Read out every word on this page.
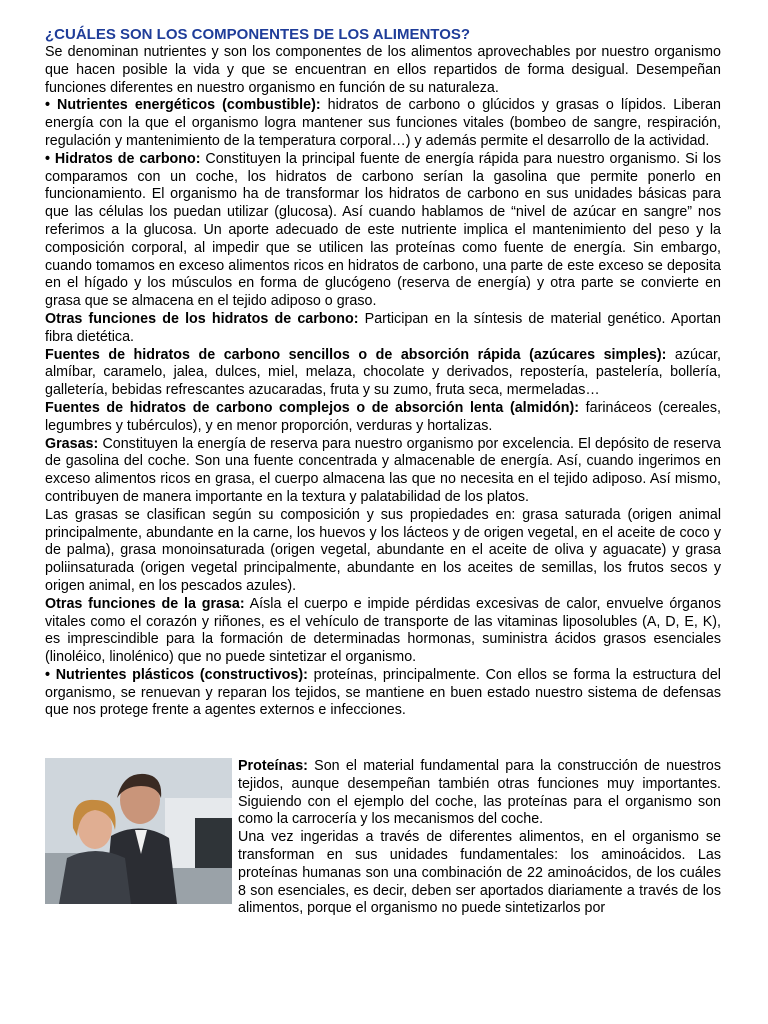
¿CUÁLES SON LOS COMPONENTES DE LOS ALIMENTOS?

Se denominan nutrientes y son los componentes de los alimentos aprovechables por nuestro organismo que hacen posible la vida y que se encuentran en ellos repartidos de forma desigual. Desempeñan funciones diferentes en nuestro organismo en función de su naturaleza.

• Nutrientes energéticos (combustible): hidratos de carbono o glúcidos y grasas o lípidos. Liberan energía con la que el organismo logra mantener sus funciones vitales (bombeo de sangre, respiración, regulación y mantenimiento de la temperatura corporal…) y además permite el desarrollo de la actividad.

• Hidratos de carbono: Constituyen la principal fuente de energía rápida para nuestro organismo. Si los comparamos con un coche, los hidratos de carbono serían la gasolina que permite ponerlo en funcionamiento. El organismo ha de transformar los hidratos de carbono en sus unidades básicas para que las células los puedan utilizar (glucosa). Así cuando hablamos de “nivel de azúcar en sangre” nos referimos a la glucosa. Un aporte adecuado de este nutriente implica el mantenimiento del peso y la composición corporal, al impedir que se utilicen las proteínas como fuente de energía. Sin embargo, cuando tomamos en exceso alimentos ricos en hidratos de carbono, una parte de este exceso se deposita en el hígado y los músculos en forma de glucógeno (reserva de energía) y otra parte se convierte en grasa que se almacena en el tejido adiposo o graso.

Otras funciones de los hidratos de carbono: Participan en la síntesis de material genético. Aportan fibra dietética.

Fuentes de hidratos de carbono sencillos o de absorción rápida (azúcares simples): azúcar, almíbar, caramelo, jalea, dulces, miel, melaza, chocolate y derivados, repostería, pastelería, bollería, galletería, bebidas refrescantes azucaradas, fruta y su zumo, fruta seca, mermeladas…

Fuentes de hidratos de carbono complejos o de absorción lenta (almidón): farináceos (cereales, legumbres y tubérculos), y en menor proporción, verduras y hortalizas.

Grasas: Constituyen la energía de reserva para nuestro organismo por excelencia. El depósito de reserva de gasolina del coche. Son una fuente concentrada y almacenable de energía. Así, cuando ingerimos en exceso alimentos ricos en grasa, el cuerpo almacena las que no necesita en el tejido adiposo. Así mismo, contribuyen de manera importante en la textura y palatabilidad de los platos.

Las grasas se clasifican según su composición y sus propiedades en: grasa saturada (origen animal principalmente, abundante en la carne, los huevos y los lácteos y de origen vegetal, en el aceite de coco y de palma), grasa monoinsaturada (origen vegetal, abundante en el aceite de oliva y aguacate) y grasa poliinsaturada (origen vegetal principalmente, abundante en los aceites de semillas, los frutos secos y origen animal, en los pescados azules).

Otras funciones de la grasa: Aísla el cuerpo e impide pérdidas excesivas de calor, envuelve órganos vitales como el corazón y riñones, es el vehículo de transporte de las vitaminas liposolubles (A, D, E, K), es imprescindible para la formación de determinadas hormonas, suministra ácidos grasos esenciales (linoléico, linolénico) que no puede sintetizar el organismo.

• Nutrientes plásticos (constructivos): proteínas, principalmente. Con ellos se forma la estructura del organismo, se renuevan y reparan los tejidos, se mantiene en buen estado nuestro sistema de defensas que nos protege frente a agentes externos e infecciones.

Proteínas: Son el material fundamental para la construcción de nuestros tejidos, aunque desempeñan también otras funciones muy importantes. Siguiendo con el ejemplo del coche, las proteínas para el organismo son como la carrocería y los mecanismos del coche.

Una vez ingeridas a través de diferentes alimentos, en el organismo se transforman en sus unidades fundamentales: los aminoácidos. Las proteínas humanas son una combinación de 22 aminoácidos, de los cuáles 8 son esenciales, es decir, deben ser aportados diariamente a través de los alimentos, porque el organismo no puede sintetizarlos por
